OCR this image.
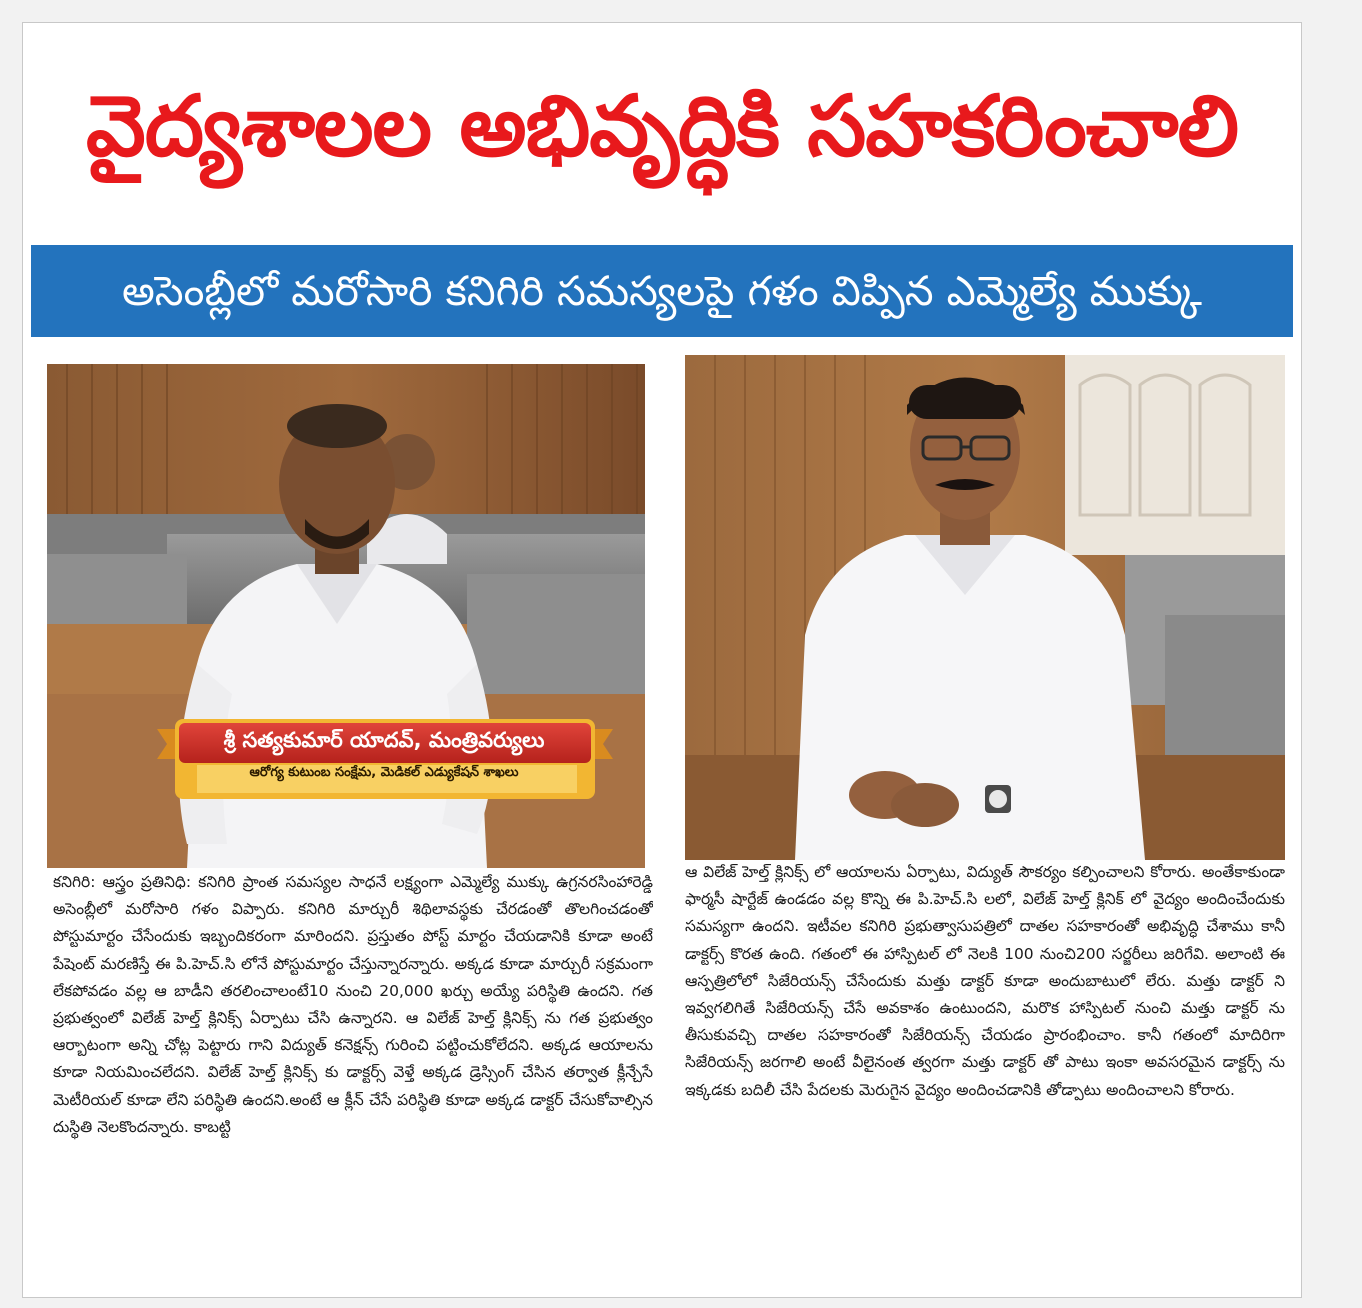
వైద్యశాలల అభివృద్ధికి సహకరించాలి
అసెంబ్లీలో మరోసారి కనిగిరి సమస్యలపై గళం విప్పిన ఎమ్మెల్యే ముక్కు
శ్రీ సత్యకుమార్ యాదవ్, మంత్రివర్యులు
ఆరోగ్య కుటుంబ సంక్షేమ, మెడికల్ ఎడ్యుకేషన్ శాఖలు

కనిగిరి: ఆస్త్రం ప్రతినిధి: కనిగిరి ప్రాంత సమస్యల సాధనే లక్ష్యంగా ఎమ్మెల్యే ముక్కు ఉగ్రనరసింహారెడ్డి అసెంబ్లీలో మరోసారి గళం విప్పారు. కనిగిరి మార్చురీ శిథిలావస్థకు చేరడంతో తొలగించడంతో పోస్టుమార్టం చేసేందుకు ఇబ్బందికరంగా మారిందని. ప్రస్తుతం పోస్ట్ మార్టం చేయడానికి కూడా అంటే పేషెంట్ మరణిస్తే ఈ పి.హెచ్.సి లోనే పోస్టుమార్టం చేస్తున్నారన్నారు. అక్కడ కూడా మార్చురీ సక్రమంగా లేకపోవడం వల్ల ఆ బాడీని తరలించాలంటే10 నుంచి 20,000 ఖర్చు అయ్యే పరిస్థితి ఉందని. గత ప్రభుత్వంలో విలేజ్ హెల్త్ క్లినిక్స్ ఏర్పాటు చేసి ఉన్నారని. ఆ విలేజ్ హెల్త్ క్లినిక్స్ ను గత ప్రభుత్వం ఆర్బాటంగా అన్ని చోట్ల పెట్టారు గాని విద్యుత్ కనెక్షన్స్ గురించి పట్టించుకోలేదని. అక్కడ ఆయాలను కూడా నియమించలేదని. విలేజ్ హెల్త్ క్లినిక్స్ కు డాక్టర్స్ వెళ్తే అక్కడ డ్రెస్సింగ్ చేసిన తర్వాత క్లీన్చేసే మెటీరియల్ కూడా లేని పరిస్థితి ఉందని.అంటే ఆ క్లీన్ చేసే పరిస్థితి కూడా అక్కడ డాక్టర్ చేసుకోవాల్సిన దుస్థితి నెలకొందన్నారు. కాబట్టి

ఆ విలేజ్ హెల్త్ క్లినిక్స్ లో ఆయాలను ఏర్పాటు, విద్యుత్ సౌకర్యం కల్పించాలని కోరారు. అంతేకాకుండా ఫార్మసీ షార్టేజ్ ఉండడం వల్ల కొన్ని ఈ పి.హెచ్.సి లలో, విలేజ్ హెల్త్ క్లినిక్ లో వైద్యం అందించేందుకు సమస్యగా ఉందని. ఇటీవల కనిగిరి ప్రభుత్వాసుపత్రిలో దాతల సహకారంతో అభివృద్ధి చేశాము కానీ డాక్టర్స్ కొరత ఉంది. గతంలో ఈ హాస్పిటల్ లో నెలకి 100 నుంచి200 సర్జరీలు జరిగేవి. అలాంటి ఈ ఆస్పత్రిలోలో సిజేరియన్స్ చేసేందుకు మత్తు డాక్టర్ కూడా అందుబాటులో లేరు. మత్తు డాక్టర్ ని ఇవ్వగలిగితే సిజేరియన్స్ చేసే అవకాశం ఉంటుందని, మరొక హాస్పిటల్ నుంచి మత్తు డాక్టర్ ను తీసుకువచ్చి దాతల సహకారంతో సిజేరియన్స్ చేయడం ప్రారంభించాం. కానీ గతంలో మాదిరిగా సిజేరియన్స్ జరగాలి అంటే వీలైనంత త్వరగా మత్తు డాక్టర్ తో పాటు ఇంకా అవసరమైన డాక్టర్స్ ను ఇక్కడకు బదిలీ చేసి పేదలకు మెరుగైన వైద్యం అందించడానికి తోడ్పాటు అందించాలని కోరారు.
